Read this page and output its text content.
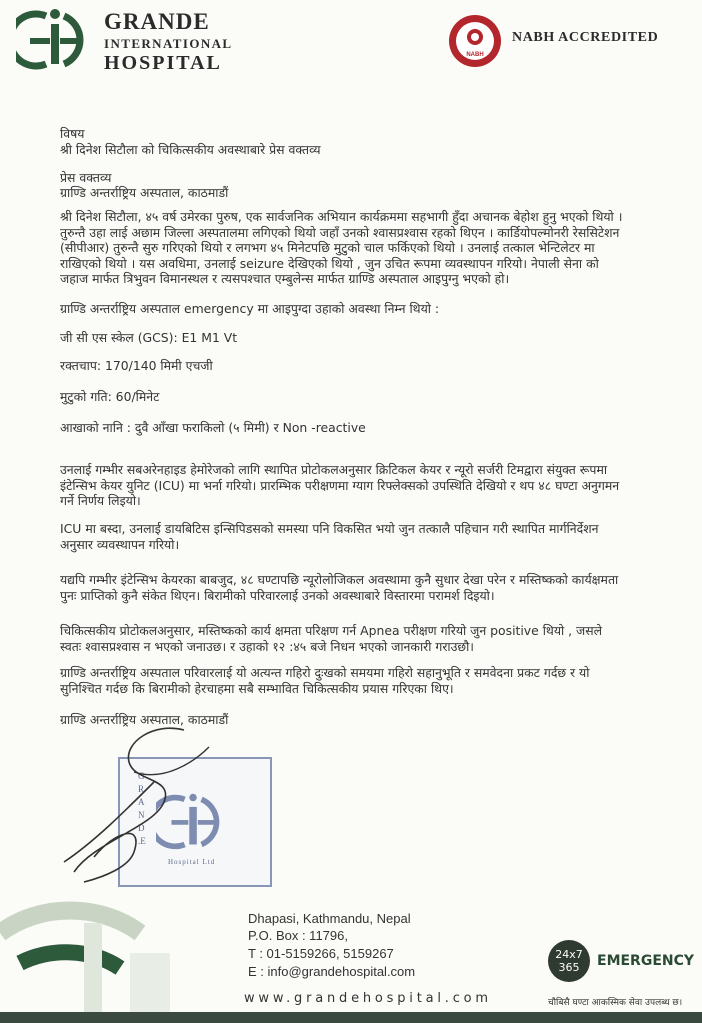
GRANDE
INTERNATIONAL
HOSPITAL	NABH
NABH ACCREDITED
विषय
श्री दिनेश सिटौला को चिकित्सकीय अवस्थाबारे प्रेस वक्तव्य
प्रेस वक्तव्य
ग्राण्डि अन्तर्राष्ट्रिय अस्पताल, काठमाडौं
श्री दिनेश सिटौला, ४५ वर्ष उमेरका पुरुष, एक सार्वजनिक अभियान कार्यक्रममा सहभागी हुँदा अचानक बेहोश हुनु भएको थियो । तुरुन्तै उहा लाई अछाम जिल्ला अस्पतालमा लगिएको थियो जहाँ उनको श्वासप्रश्वास रहको थिएन । कार्डियोपल्मोनरी रेससिटेशन (सीपीआर) तुरुन्तै सुरु गरिएको थियो र लगभग ४५ मिनेटपछि मुटुको चाल फर्किएको थियो । उनलाई तत्काल भेन्टिलेटर मा राखिएको थियो । यस अवधिमा, उनलाई seizure देखिएको थियो , जुन उचित रूपमा व्यवस्थापन गरियो। नेपाली सेना को जहाज मार्फत त्रिभुवन विमानस्थल र त्यसपश्चात एम्बुलेन्स मार्फत ग्राण्डि अस्पताल आइपुग्नु भएको हो।
ग्राण्डि अन्तर्राष्ट्रिय अस्पताल emergency मा आइपुग्दा उहाको अवस्था निम्न थियो :
जी सी एस स्केल (GCS): E1 M1 Vt
रक्तचाप: 170/140 मिमी एचजी
मुटुको गति: 60/मिनेट
आखाको नानि : दुवै आँखा फराकिलो (५ मिमी) र Non -reactive
उनलाई गम्भीर सबअरेनहाइड हेमोरेजको लागि स्थापित प्रोटोकलअनुसार क्रिटिकल केयर र न्यूरो सर्जरी टिमद्वारा संयुक्त रूपमा इंटेन्सिभ केयर युनिट (ICU) मा भर्ना गरियो। प्रारम्भिक परीक्षणमा ग्याग रिफ्लेक्सको उपस्थिति देखियो र थप ४८ घण्टा अनुगमन गर्ने निर्णय लिइयो।
ICU मा बस्दा, उनलाई डायबिटिस इन्सिपिडसको समस्या पनि विकसित भयो जुन तत्कालै पहिचान गरी स्थापित मार्गनिर्देशन अनुसार व्यवस्थापन गरियो।
यद्यपि गम्भीर इंटेन्सिभ केयरका बाबजुद, ४८ घण्टापछि न्यूरोलोजिकल अवस्थामा कुनै सुधार देखा परेन र मस्तिष्कको कार्यक्षमता पुनः प्राप्तिको कुनै संकेत थिएन। बिरामीको परिवारलाई उनको अवस्थाबारे विस्तारमा परामर्श दिइयो।
चिकित्सकीय प्रोटोकलअनुसार, मस्तिष्कको कार्य क्षमता परिक्षण गर्न Apnea परीक्षण गरियो जुन positive थियो , जसले स्वतः श्वासप्रश्वास न भएको जनाउछ। र उहाको १२ :४५ बजे निधन भएको जानकारी गराउछौ।
ग्राण्डि अन्तर्राष्ट्रिय अस्पताल परिवारलाई यो अत्यन्त गहिरो दुःखको समयमा गहिरो सहानुभूति र समवेदना प्रकट गर्दछ र यो सुनिश्चित गर्दछ कि बिरामीको हेरचाहमा सबै सम्भावित चिकित्सकीय प्रयास गरिएका थिए।
ग्राण्डि अन्तर्राष्ट्रिय अस्पताल, काठमाडौं
G
R
A
N
D
.E
Hospital Ltd
Dhapasi, Kathmandu, Nepal
P.O. Box : 11796,
T : 01-5159266, 5159267
E : info@grandehospital.com
www.grandehospital.com
24x7
365	EMERGENCY
चौबिसै घण्टा आकस्मिक सेवा उपलब्ध छ।
